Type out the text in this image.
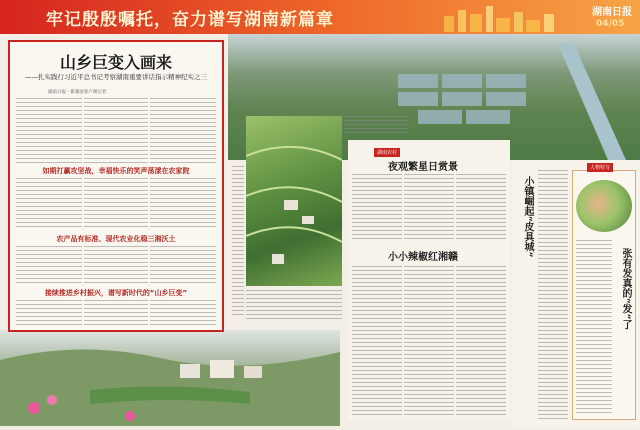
牢记殷殷嘱托，奋力谱写湖南新篇章	湖南日报
04/05
山乡巨变入画来
——扎实践行习近平总书记考察湖南重要讲话指示精神纪实之三
湖南日报 · 新湖南客户端记者
如期打赢攻坚战，幸福快乐的笑声荡漾在农家院
农产品有标准、现代农业化稳三湘沃土
接续推进乡村振兴，谱写新时代的“山乡巨变”
湖南农村
夜观繁星日赏景
小小辣椒红湘赣	小镇崛起“皮具城”
人物特写
张有发真的“发”了
